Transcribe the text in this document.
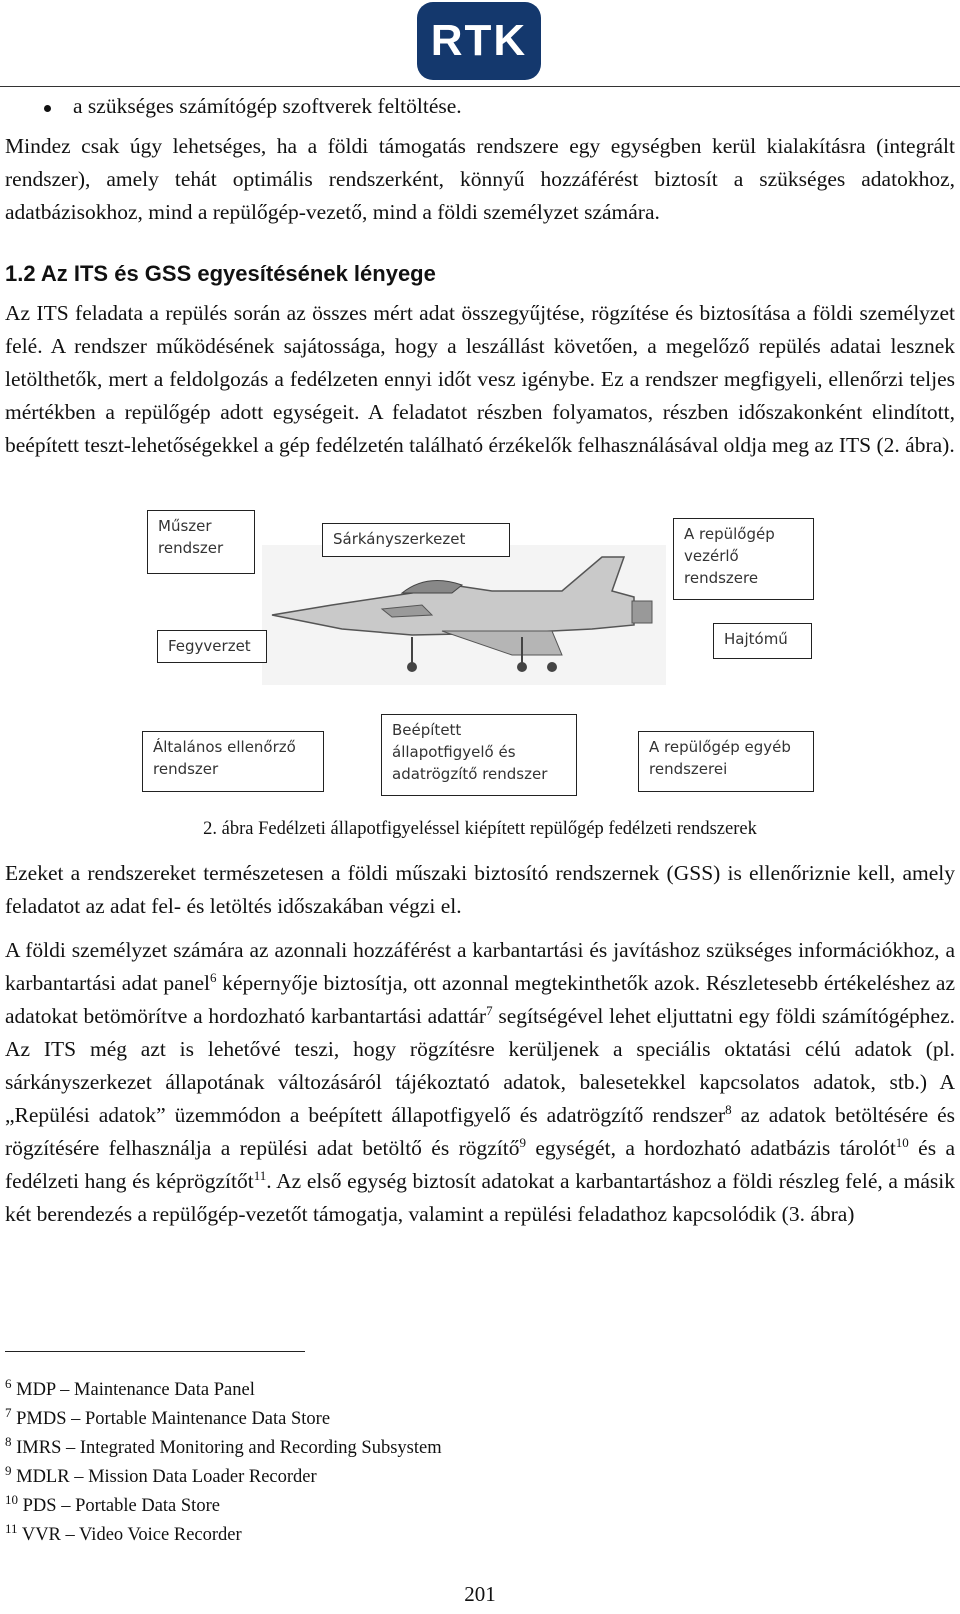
RTK
a szükséges számítógép szoftverek feltöltése.

Mindez csak úgy lehetséges, ha a földi támogatás rendszere egy egységben kerül kialakításra (integrált rendszer), amely tehát optimális rendszerként, könnyű hozzáférést biztosít a szükséges adatokhoz, adatbázisokhoz, mind a repülőgép-vezető, mind a földi személyzet számára.

1.2 Az ITS és GSS egyesítésének lényege

Az ITS feladata a repülés során az összes mért adat összegyűjtése, rögzítése és biztosítása a földi személyzet felé. A rendszer működésének sajátossága, hogy a leszállást követően, a megelőző repülés adatai lesznek letölthetők, mert a feldolgozás a fedélzeten ennyi időt vesz igénybe. Ez a rendszer megfigyeli, ellenőrzi teljes mértékben a repülőgép adott egységeit. A feladatot részben folyamatos, részben időszakonként elindított, beépített teszt-lehetőségekkel a gép fedélzetén található érzékelők felhasználásával oldja meg az ITS (2. ábra).

Műszer
rendszer	Sárkányszerkezet	A repülőgép
vezérlő
rendszere
Fegyverzet	Hajtómű
Általános ellenőrző
rendszer
Beépített
állapotfigyelő és
adatrögzítő rendszer
A repülőgép egyéb
rendszerei

2. ábra Fedélzeti állapotfigyeléssel kiépített repülőgép fedélzeti rendszerek

Ezeket a rendszereket természetesen a földi műszaki biztosító rendszernek (GSS) is ellenőriznie kell, amely feladatot az adat fel- és letöltés időszakában végzi el.

A földi személyzet számára az azonnali hozzáférést a karbantartási és javításhoz szükséges információkhoz, a karbantartási adat panel$^6$ képernyője biztosítja, ott azonnal megtekinthetők azok. Részletesebb értékeléshez az adatokat betömörítve a hordozható karbantartási adattár$^7$ segítségével lehet eljuttatni egy földi számítógéphez. Az ITS még azt is lehetővé teszi, hogy rögzítésre kerüljenek a speciális oktatási célú adatok (pl. sárkányszerkezet állapotának változásáról tájékoztató adatok, balesetekkel kapcsolatos adatok, stb.) A „Repülési adatok” üzemmódon a beépített állapotfigyelő és adatrögzítő rendszer$^8$ az adatok betöltésére és rögzítésére felhasználja a repülési adat betöltő és rögzítő$^9$ egységét, a hordozható adatbázis tárolót$^{10}$ és a fedélzeti hang és képrögzítőt$^{11}$. Az első egység biztosít adatokat a karbantartáshoz a földi részleg felé, a másik két berendezés a repülőgép-vezetőt támogatja, valamint a repülési feladathoz kapcsolódik (3. ábra)

$^6$ MDP – Maintenance Data Panel
$^7$ PMDS – Portable Maintenance Data Store
$^8$ IMRS – Integrated Monitoring and Recording Subsystem
$^9$ MDLR – Mission Data Loader Recorder
$^{10}$ PDS – Portable Data Store
$^{11}$ VVR – Video Voice Recorder
201
